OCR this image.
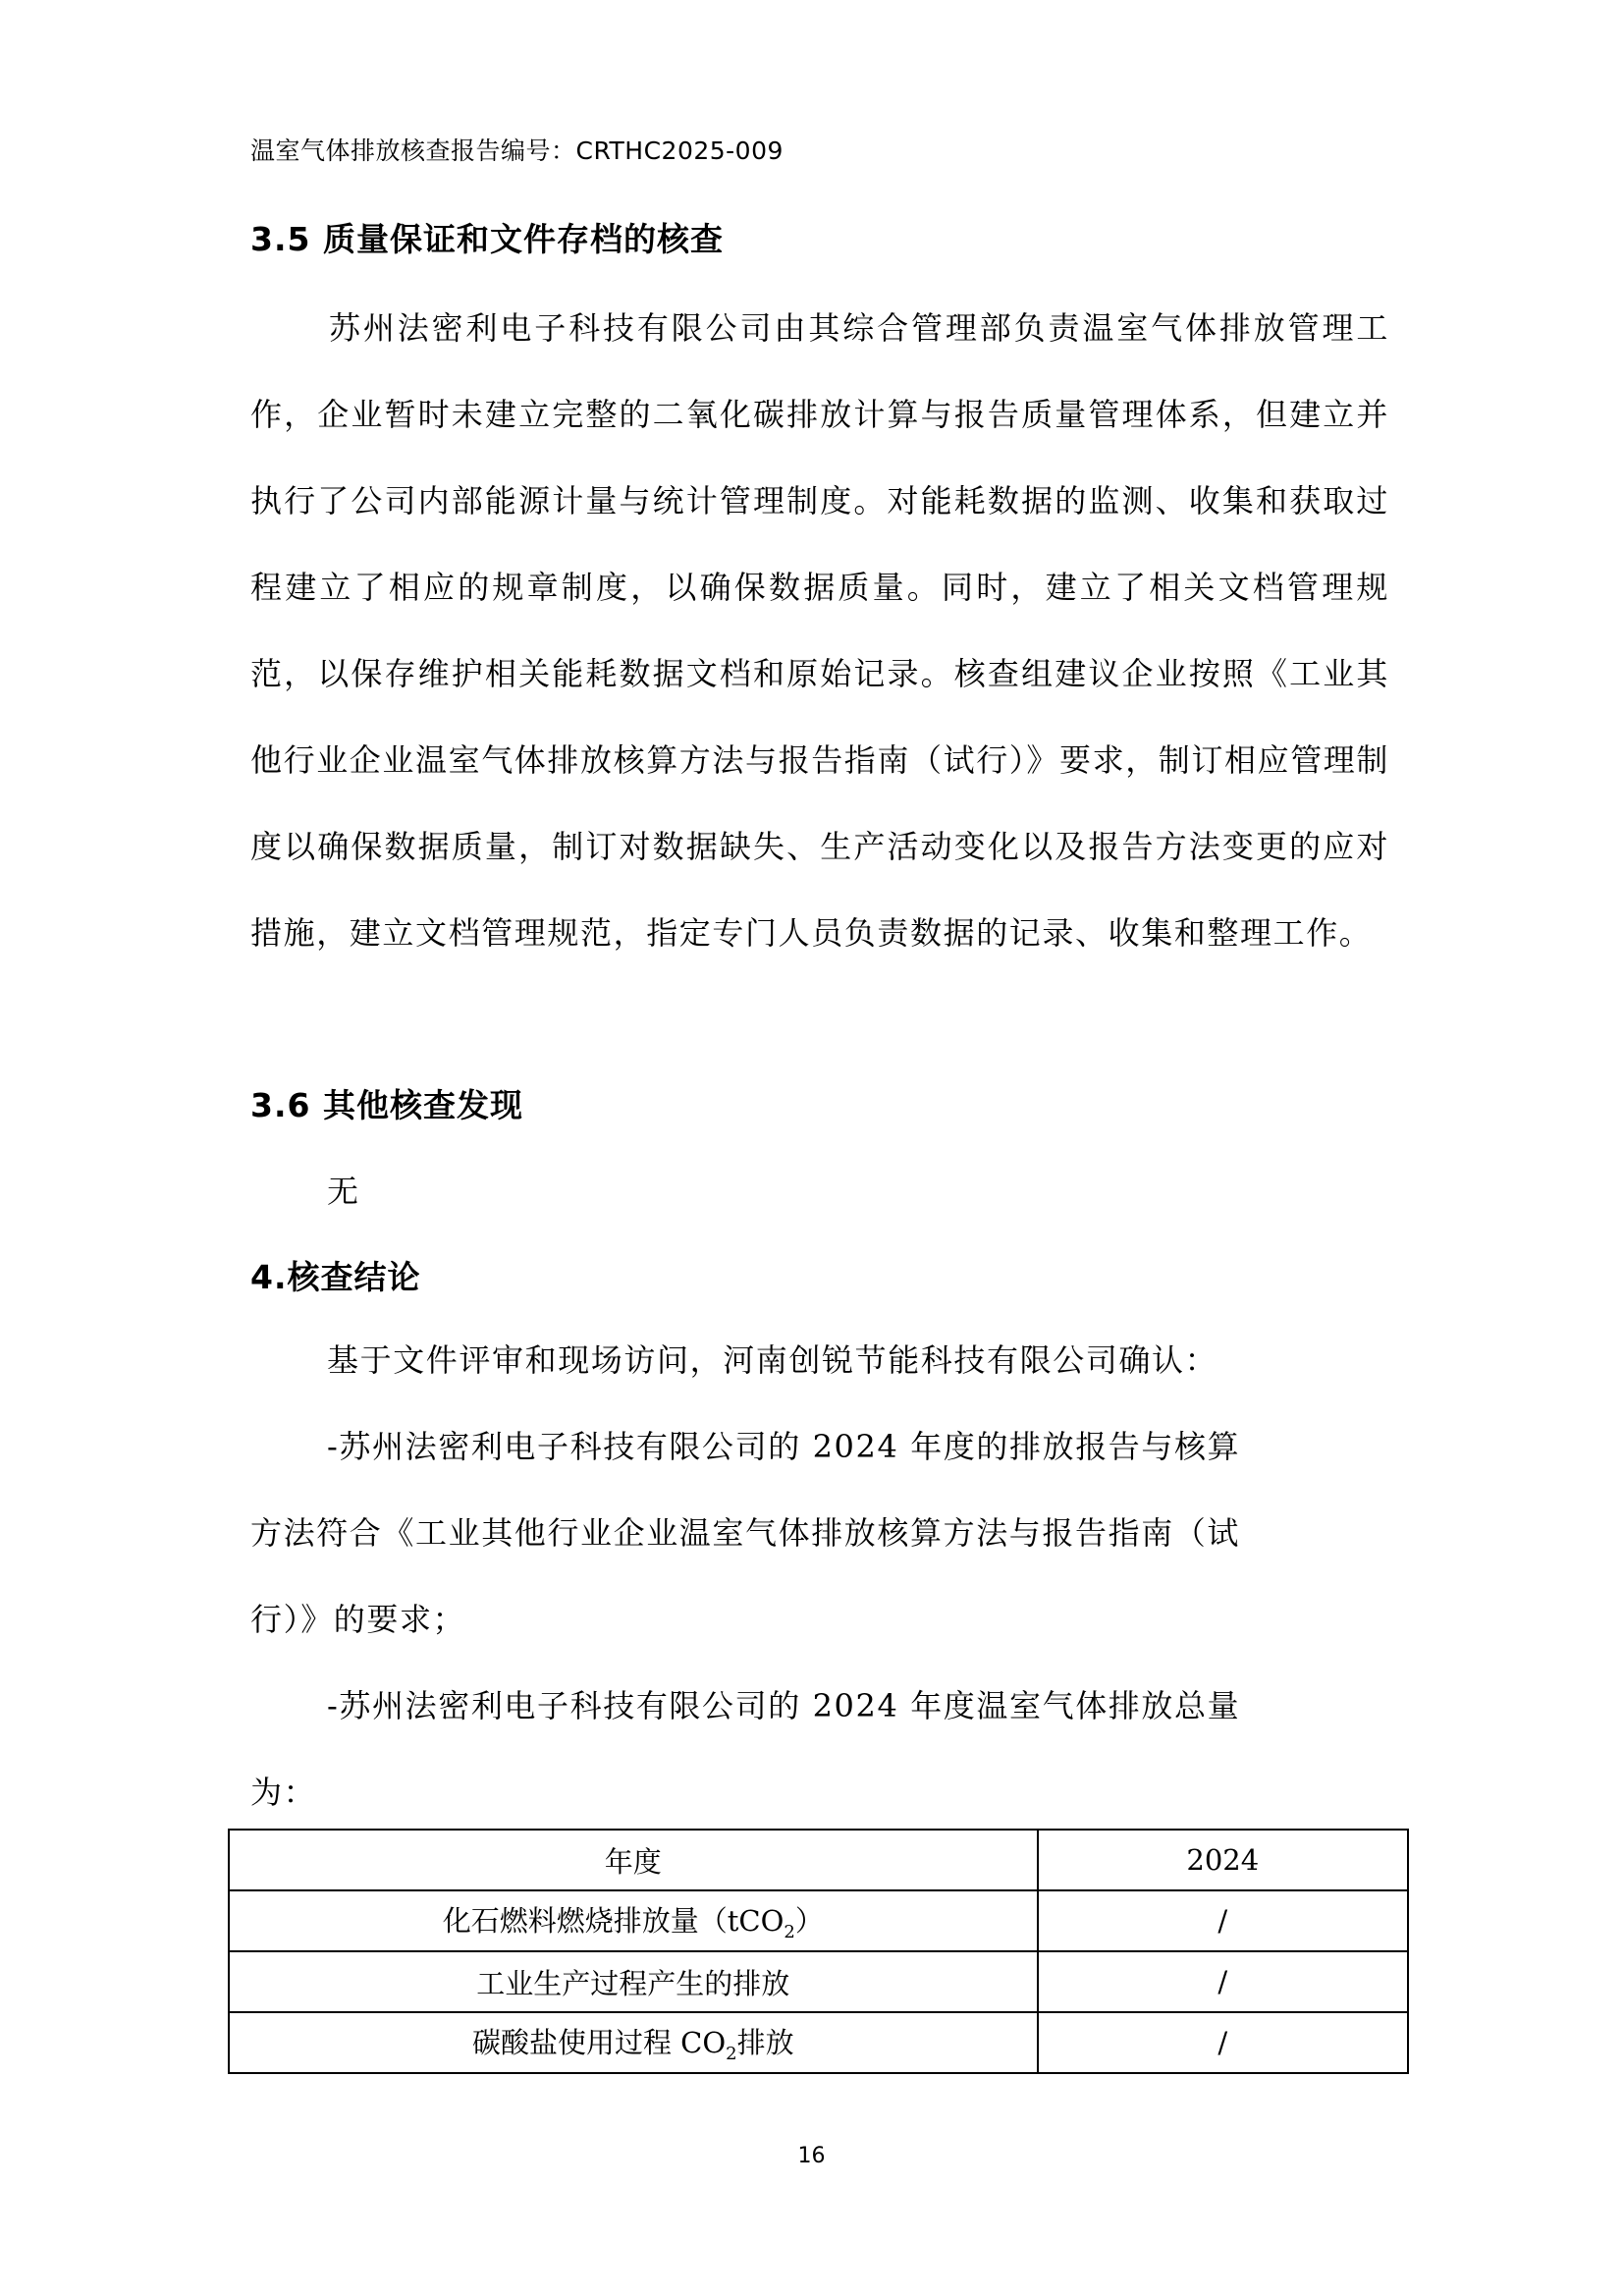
温室气体排放核查报告编号：CRTHC2025-009
3.5 质量保证和文件存档的核查
苏州法密利电子科技有限公司由其综合管理部负责温室气体排放管理工作，企业暂时未建立完整的二氧化碳排放计算与报告质量管理体系，但建立并执行了公司内部能源计量与统计管理制度。对能耗数据的监测、收集和获取过程建立了相应的规章制度，以确保数据质量。同时，建立了相关文档管理规范，以保存维护相关能耗数据文档和原始记录。核查组建议企业按照《工业其他行业企业温室气体排放核算方法与报告指南（试行）》要求，制订相应管理制度以确保数据质量，制订对数据缺失、生产活动变化以及报告方法变更的应对措施，建立文档管理规范，指定专门人员负责数据的记录、收集和整理工作。
3.6 其他核查发现
无
4.核查结论
基于文件评审和现场访问，河南创锐节能科技有限公司确认：
-苏州法密利电子科技有限公司的 2024 年度的排放报告与核算
方法符合《工业其他行业企业温室气体排放核算方法与报告指南（试
行）》的要求；
-苏州法密利电子科技有限公司的 2024 年度温室气体排放总量
为：
年度	2024
化石燃料燃烧排放量（tCO$_2$）	/
工业生产过程产生的排放	/
碳酸盐使用过程 $CO_2$排放	/
16
